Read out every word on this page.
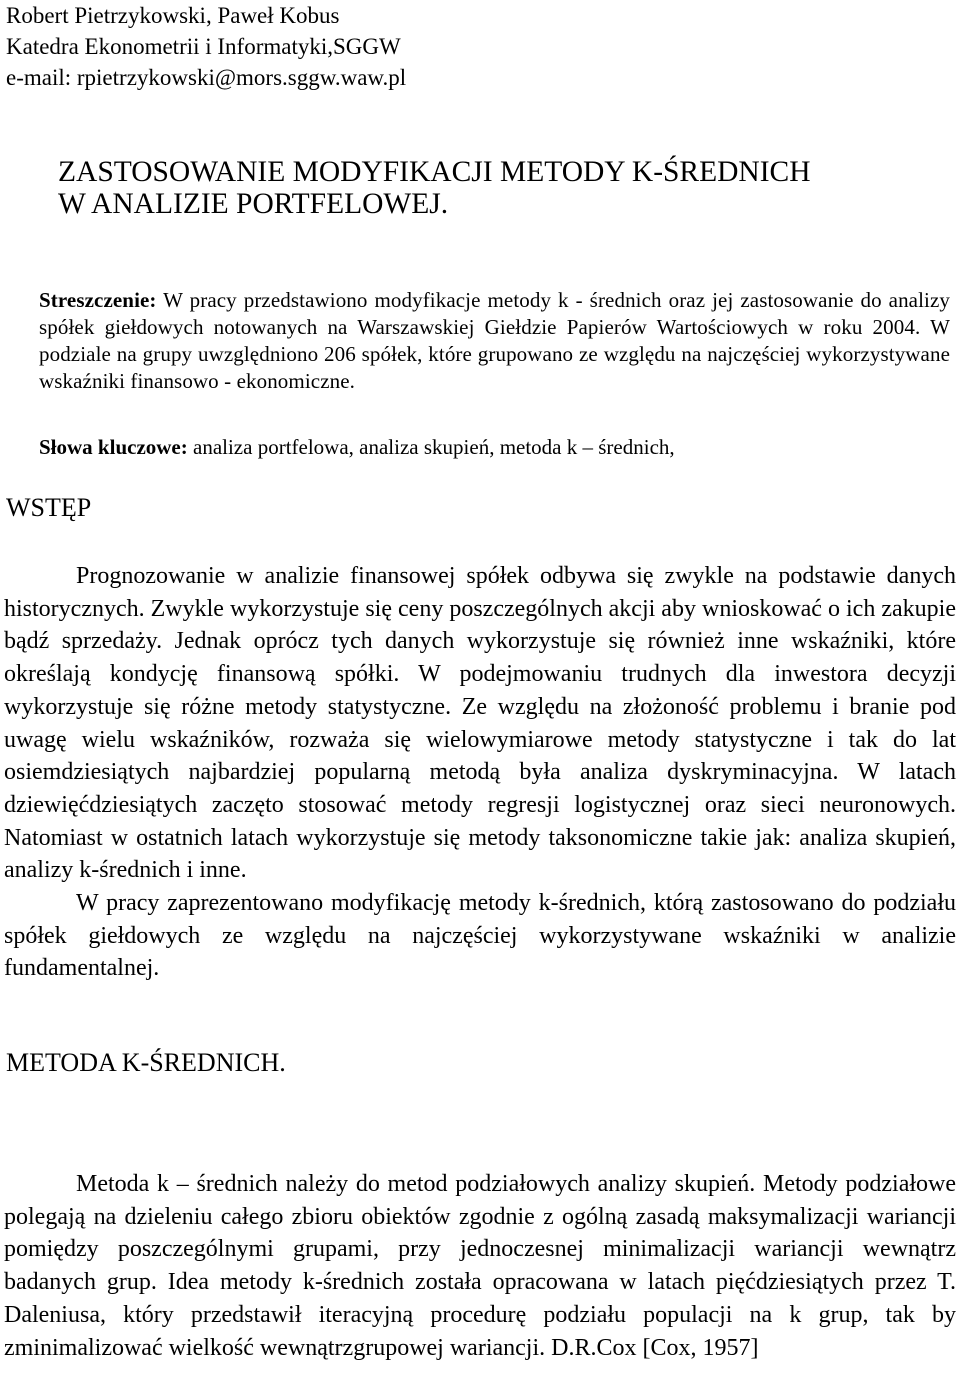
Robert Pietrzykowski, Paweł Kobus
Katedra Ekonometrii i Informatyki,SGGW
e-mail: rpietrzykowski@mors.sggw.waw.pl
ZASTOSOWANIE MODYFIKACJI METODY K-ŚREDNICH
W ANALIZIE PORTFELOWEJ.
Streszczenie: W pracy przedstawiono modyfikacje metody k - średnich oraz jej zastosowanie do analizy spółek giełdowych notowanych na Warszawskiej Giełdzie Papierów Wartościowych w roku 2004. W podziale na grupy uwzględniono 206 spółek, które grupowano ze względu na najczęściej wykorzystywane wskaźniki finansowo - ekonomiczne.
Słowa kluczowe: analiza portfelowa, analiza skupień, metoda k – średnich,
WSTĘP

Prognozowanie w analizie finansowej spółek odbywa się zwykle na podstawie danych historycznych. Zwykle wykorzystuje się ceny poszczególnych akcji aby wnioskować o ich zakupie bądź sprzedaży. Jednak oprócz tych danych wykorzystuje się również inne wskaźniki, które określają kondycję finansową spółki. W podejmowaniu trudnych dla inwestora decyzji wykorzystuje się różne metody statystyczne. Ze względu na złożoność problemu i branie pod uwagę wielu wskaźników, rozważa się wielowymiarowe metody statystyczne i tak do lat osiemdziesiątych najbardziej popularną metodą była analiza dyskryminacyjna. W latach dziewięćdziesiątych zaczęto stosować metody regresji logistycznej oraz sieci neuronowych. Natomiast w ostatnich latach wykorzystuje się metody taksonomiczne takie jak: analiza skupień, analizy k-średnich i inne.

W pracy zaprezentowano modyfikację metody k-średnich, którą zastosowano do podziału spółek giełdowych ze względu na najczęściej wykorzystywane wskaźniki w analizie fundamentalnej.

METODA K-ŚREDNICH.

Metoda k – średnich należy do metod podziałowych analizy skupień. Metody podziałowe polegają na dzieleniu całego zbioru obiektów zgodnie z ogólną zasadą maksymalizacji wariancji pomiędzy poszczególnymi grupami, przy jednoczesnej minimalizacji wariancji wewnątrz badanych grup. Idea metody k-średnich została opracowana w latach pięćdziesiątych przez T. Daleniusa, który przedstawił iteracyjną procedurę podziału populacji na k grup, tak by zminimalizować wielkość wewnątrzgrupowej wariancji. D.R.Cox [Cox, 1957]
